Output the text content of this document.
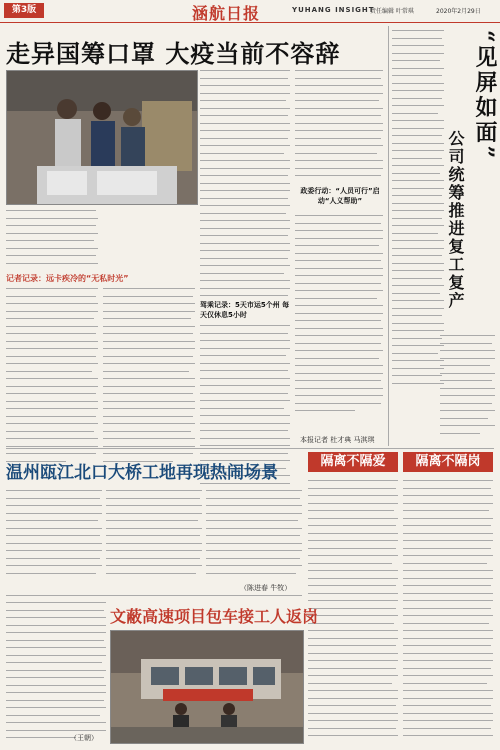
第3版	涵航日报	YUHANG INSIGHT
责任编辑 叶常琪	2020年2月29日
走异国筹口罩 大疫当前不容辞
记者记录：远卡疾冷的“无私时光”
驾乘记录：5天市运5个州 每天仅休息5小时
政委行动：“人员可行”启动“人义帮助”
本报记者 杜才典 马淇琪
“见屏如面”
公司统筹推进复工复产
温州瓯江北口大桥工地再现热闹场景
隔离不隔爱	隔离不隔岗
（陈进春 牛牧）
文蔽高速项目包车接工人返岗
（王朝）
